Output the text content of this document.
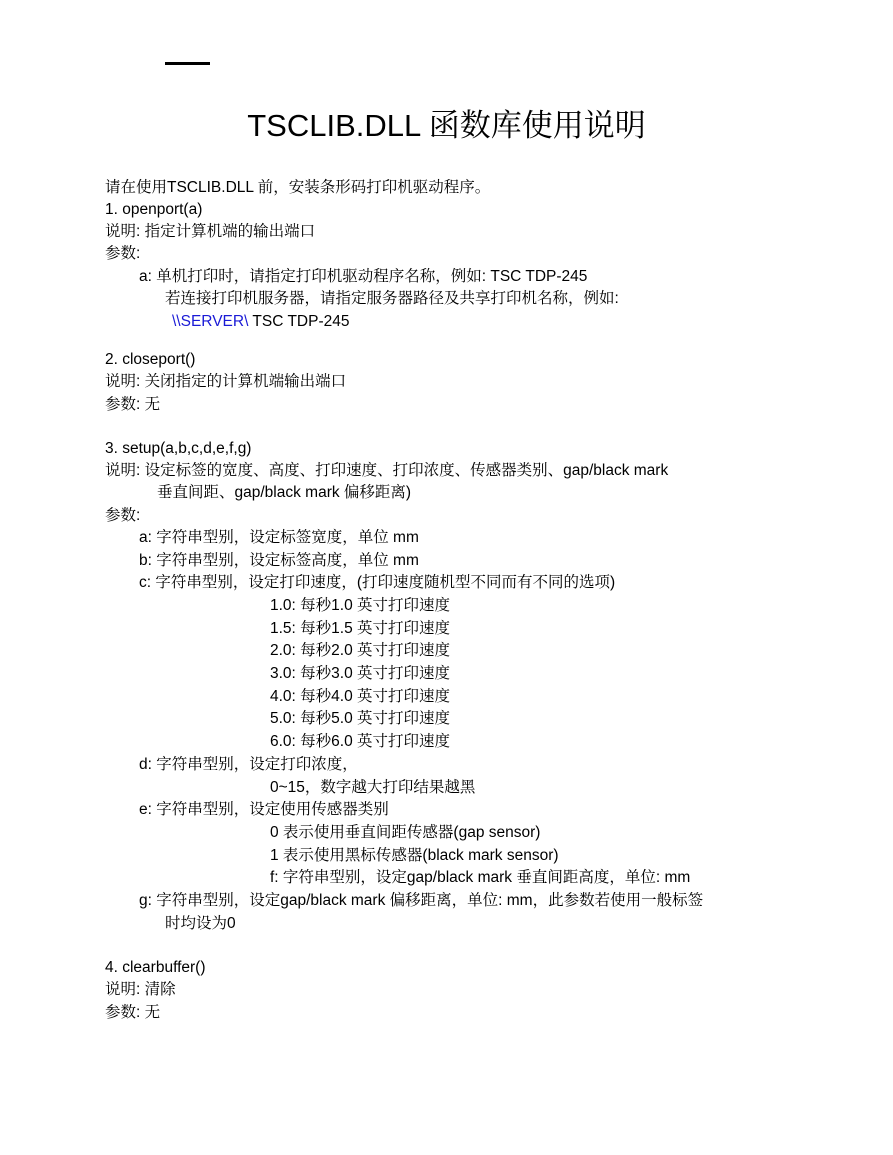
TSCLIB.DLL 函数库使用说明
请在使用TSCLIB.DLL 前，安装条形码打印机驱动程序。
1. openport(a)
说明: 指定计算机端的输出端口
参数:
a: 单机打印时，请指定打印机驱动程序名称，例如: TSC TDP-245
若连接打印机服务器，请指定服务器路径及共享打印机名称，例如:
\\SERVER\ TSC TDP-245
2. closeport()
说明: 关闭指定的计算机端输出端口
参数: 无
3. setup(a,b,c,d,e,f,g)
说明: 设定标签的宽度、高度、打印速度、打印浓度、传感器类别、gap/black mark
垂直间距、gap/black mark 偏移距离)
参数:
a: 字符串型别，设定标签宽度，单位 mm
b: 字符串型别，设定标签高度，单位 mm
c: 字符串型别，设定打印速度，(打印速度随机型不同而有不同的选项)
1.0: 每秒1.0 英寸打印速度
1.5: 每秒1.5 英寸打印速度
2.0: 每秒2.0 英寸打印速度
3.0: 每秒3.0 英寸打印速度
4.0: 每秒4.0 英寸打印速度
5.0: 每秒5.0 英寸打印速度
6.0: 每秒6.0 英寸打印速度
d: 字符串型别，设定打印浓度，
0~15，数字越大打印结果越黑
e: 字符串型别，设定使用传感器类别
0 表示使用垂直间距传感器(gap sensor)
1 表示使用黑标传感器(black mark sensor)
f: 字符串型别，设定gap/black mark 垂直间距高度，单位: mm
g: 字符串型别，设定gap/black mark 偏移距离，单位: mm，此参数若使用一般标签
时均设为0
4. clearbuffer()
说明: 清除
参数: 无
